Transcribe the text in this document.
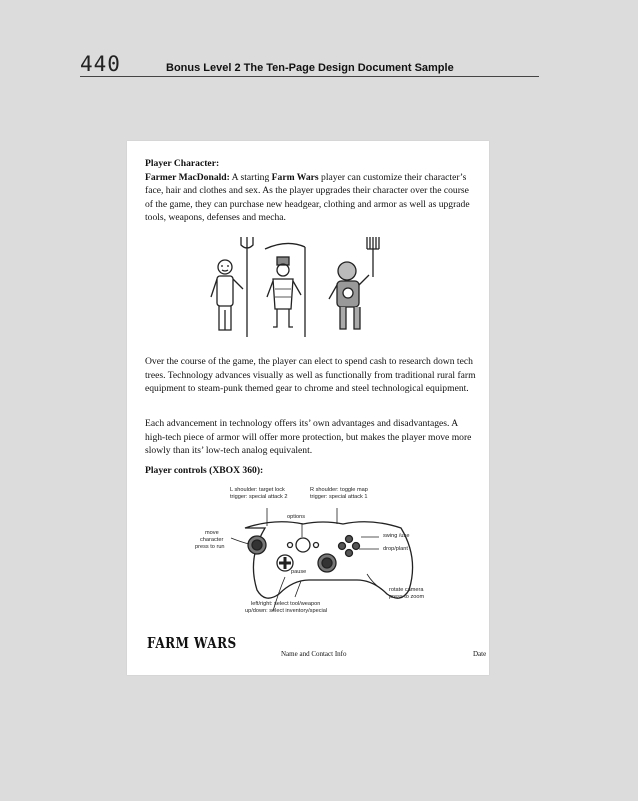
440	Bonus Level 2 The Ten-Page Design Document Sample
Player Character:
Farmer MacDonald: A starting Farm Wars player can customize their character’s face, hair and clothes and sex. As the player upgrades their character over the course of the game, they can purchase new headgear, clothing and armor as well as upgrade tools, weapons, defenses and mecha.
Over the course of the game, the player can elect to spend cash to research down tech trees. Technology advances visually as well as functionally from traditional rural farm equipment to steam-punk themed gear to chrome and steel technological equipment.
Each advancement in technology offers its’ own advantages and disadvantages. A high-tech piece of armor will offer more protection, but makes the player move more slowly than its’ low-tech analog equivalent.
Player controls (XBOX 360):
L shoulder: target lock
trigger: special attack 2
R shoulder: toggle map
trigger: special attack 1
options
move
character
press to run
swing /use
drop/plant
pause
rotate camera
press to zoom
left/right: select tool/weapon
up/down: select inventory/special
FARM WARS
Name and Contact Info	Date
